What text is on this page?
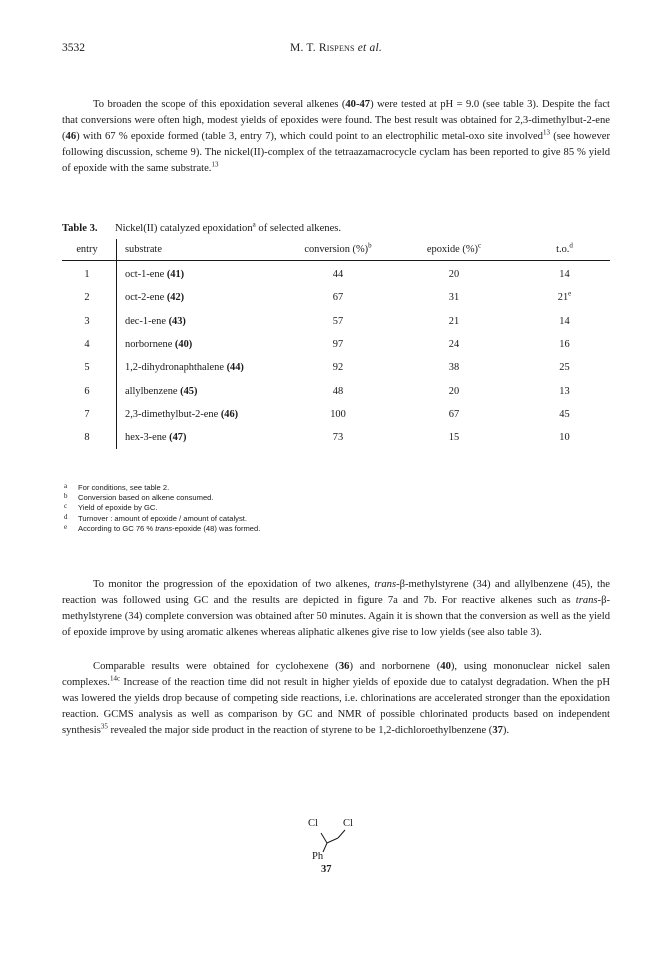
3532	M. T. Rispens et al.

To broaden the scope of this epoxidation several alkenes (40-47) were tested at pH = 9.0 (see table 3). Despite the fact that conversions were often high, modest yields of epoxides were found. The best result was obtained for 2,3-dimethylbut-2-ene (46) with 67 % epoxide formed (table 3, entry 7), which could point to an electrophilic metal-oxo site involved$^{13}$ (see however following discussion, scheme 9). The nickel(II)-complex of the tetraazamacrocycle cyclam has been reported to give 85 % yield of epoxide with the same substrate.$^{13}$

Table 3. Nickel(II) catalyzed epoxidation$^a$ of selected alkenes.
entry	substrate	conversion (%)$^b$	epoxide (%)$^c$	t.o.$^d$
1	oct-1-ene (41)	44	20	14
2	oct-2-ene (42)	67	31	21e
3	dec-1-ene (43)	57	21	14
4	norbornene (40)	97	24	16
5	1,2-dihydronaphthalene (44)	92	38	25
6	allylbenzene (45)	48	20	13
7	2,3-dimethylbut-2-ene (46)	100	67	45
8	hex-3-ene (47)	73	15	10
a	For conditions, see table 2.
b	Conversion based on alkene consumed.
c	Yield of epoxide by GC.
d	Turnover : amount of epoxide / amount of catalyst.
e	According to GC 76 % trans-epoxide (48) was formed.

To monitor the progression of the epoxidation of two alkenes, trans-β-methylstyrene (34) and allylbenzene (45), the reaction was followed using GC and the results are depicted in figure 7a and 7b. For reactive alkenes such as trans-β-methylstyrene (34) complete conversion was obtained after 50 minutes. Again it is shown that the conversion as well as the yield of epoxide improve by using aromatic alkenes whereas aliphatic alkenes give rise to low yields (see also table 3).

Comparable results were obtained for cyclohexene (36) and norbornene (40), using mononuclear nickel salen complexes.$^{14c}$ Increase of the reaction time did not result in higher yields of epoxide due to catalyst degradation. When the pH was lowered the yields drop because of competing side reactions, i.e. chlorinations are accelerated stronger than the epoxidation reaction. GCMS analysis as well as comparison by GC and NMR of possible chlorinated products based on independent synthesis$^{35}$ revealed the major side product in the reaction of styrene to be 1,2-dichloroethylbenzene (37).

Cl Cl
Ph
37
